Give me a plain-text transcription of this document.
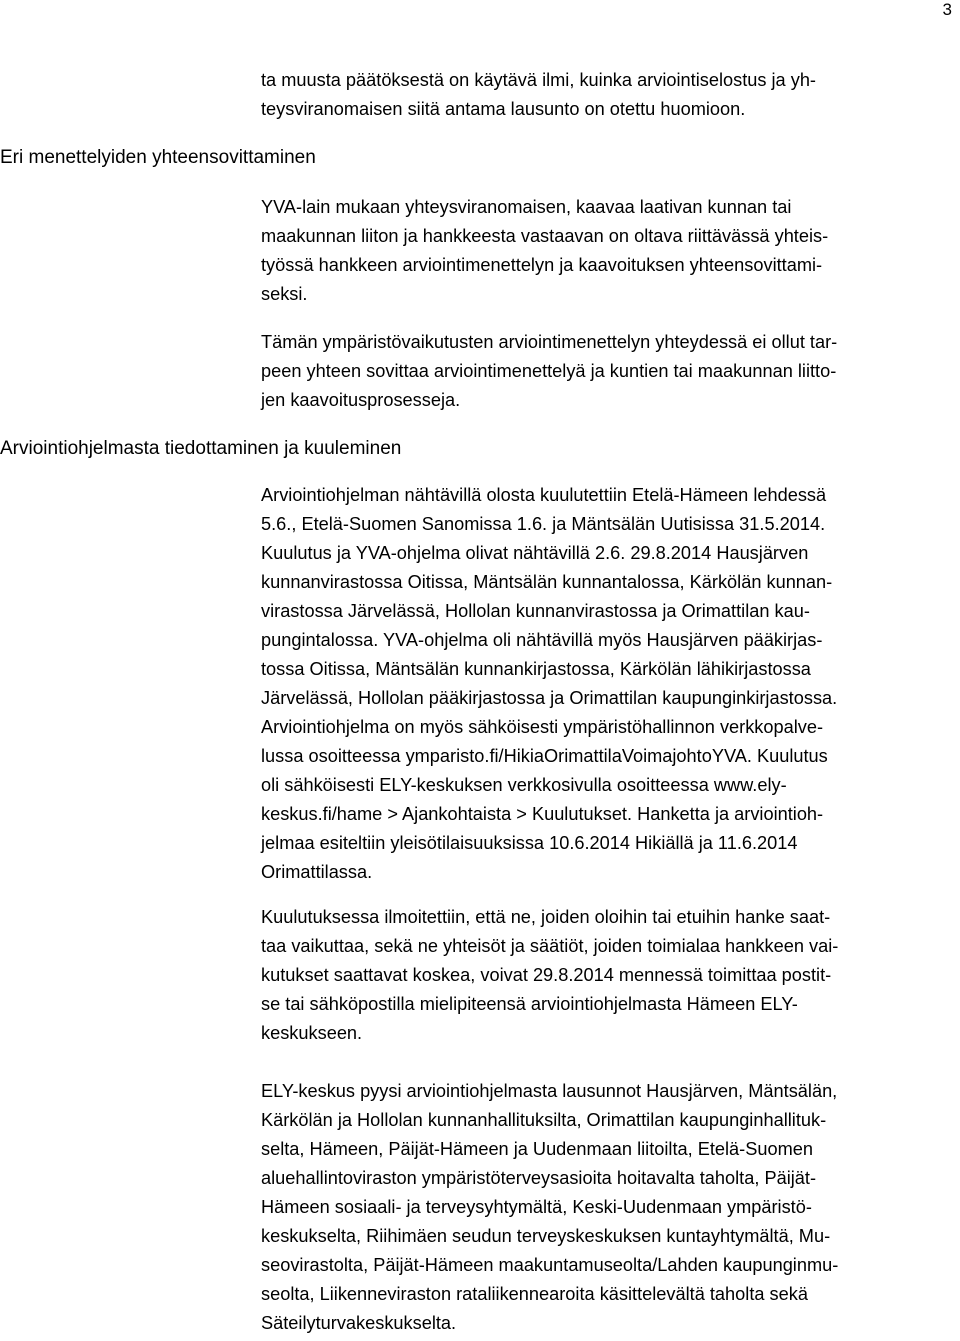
3
ta muusta päätöksestä on käytävä ilmi, kuinka arviointiselostus ja yh-
teysviranomaisen siitä antama lausunto on otettu huomioon.
Eri menettelyiden yhteensovittaminen
YVA-lain mukaan yhteysviranomaisen, kaavaa laativan kunnan tai
maakunnan liiton ja hankkeesta vastaavan on oltava riittävässä yhteis-
työssä hankkeen arviointimenettelyn ja kaavoituksen yhteensovittami-
seksi.
Tämän ympäristövaikutusten arviointimenettelyn yhteydessä ei ollut tar-
peen yhteen sovittaa arviointimenettelyä ja kuntien tai maakunnan liitto-
jen kaavoitusprosesseja.
Arviointiohjelmasta tiedottaminen ja kuuleminen
Arviointiohjelman nähtävillä olosta kuulutettiin Etelä-Hämeen lehdessä
5.6., Etelä-Suomen Sanomissa 1.6. ja Mäntsälän Uutisissa 31.5.2014.
Kuulutus ja YVA-ohjelma olivat nähtävillä 2.6. 29.8.2014 Hausjärven
kunnanvirastossa Oitissa, Mäntsälän kunnantalossa, Kärkölän kunnan-
virastossa Järvelässä, Hollolan kunnanvirastossa ja Orimattilan kau-
pungintalossa. YVA-ohjelma oli nähtävillä myös Hausjärven pääkirjas-
tossa Oitissa, Mäntsälän kunnankirjastossa, Kärkölän lähikirjastossa
Järvelässä, Hollolan pääkirjastossa ja Orimattilan kaupunginkirjastossa.
Arviointiohjelma on myös sähköisesti ympäristöhallinnon verkkopalve-
lussa osoitteessa ymparisto.fi/HikiaOrimattilaVoimajohtoYVA. Kuulutus
oli sähköisesti ELY-keskuksen verkkosivulla osoitteessa www.ely-
keskus.fi/hame > Ajankohtaista > Kuulutukset. Hanketta ja arviointioh-
jelmaa esiteltiin yleisötilaisuuksissa 10.6.2014 Hikiällä ja 11.6.2014
Orimattilassa.
Kuulutuksessa ilmoitettiin, että ne, joiden oloihin tai etuihin hanke saat-
taa vaikuttaa, sekä ne yhteisöt ja säätiöt, joiden toimialaa hankkeen vai-
kutukset saattavat koskea, voivat 29.8.2014 mennessä toimittaa postit-
se tai sähköpostilla mielipiteensä arviointiohjelmasta Hämeen ELY-
keskukseen.
ELY-keskus pyysi arviointiohjelmasta lausunnot Hausjärven, Mäntsälän,
Kärkölän ja Hollolan kunnanhallituksilta, Orimattilan kaupunginhallituk-
selta, Hämeen, Päijät-Hämeen ja Uudenmaan liitoilta, Etelä-Suomen
aluehallintoviraston ympäristöterveysasioita hoitavalta taholta, Päijät-
Hämeen sosiaali- ja terveysyhtymältä, Keski-Uudenmaan ympäristö-
keskukselta, Riihimäen seudun terveyskeskuksen kuntayhtymältä, Mu-
seovirastolta, Päijät-Hämeen maakuntamuseolta/Lahden kaupunginmu-
seolta, Liikenneviraston rataliikennearoita käsittelevältä taholta sekä
Säteilyturvakeskukselta.
